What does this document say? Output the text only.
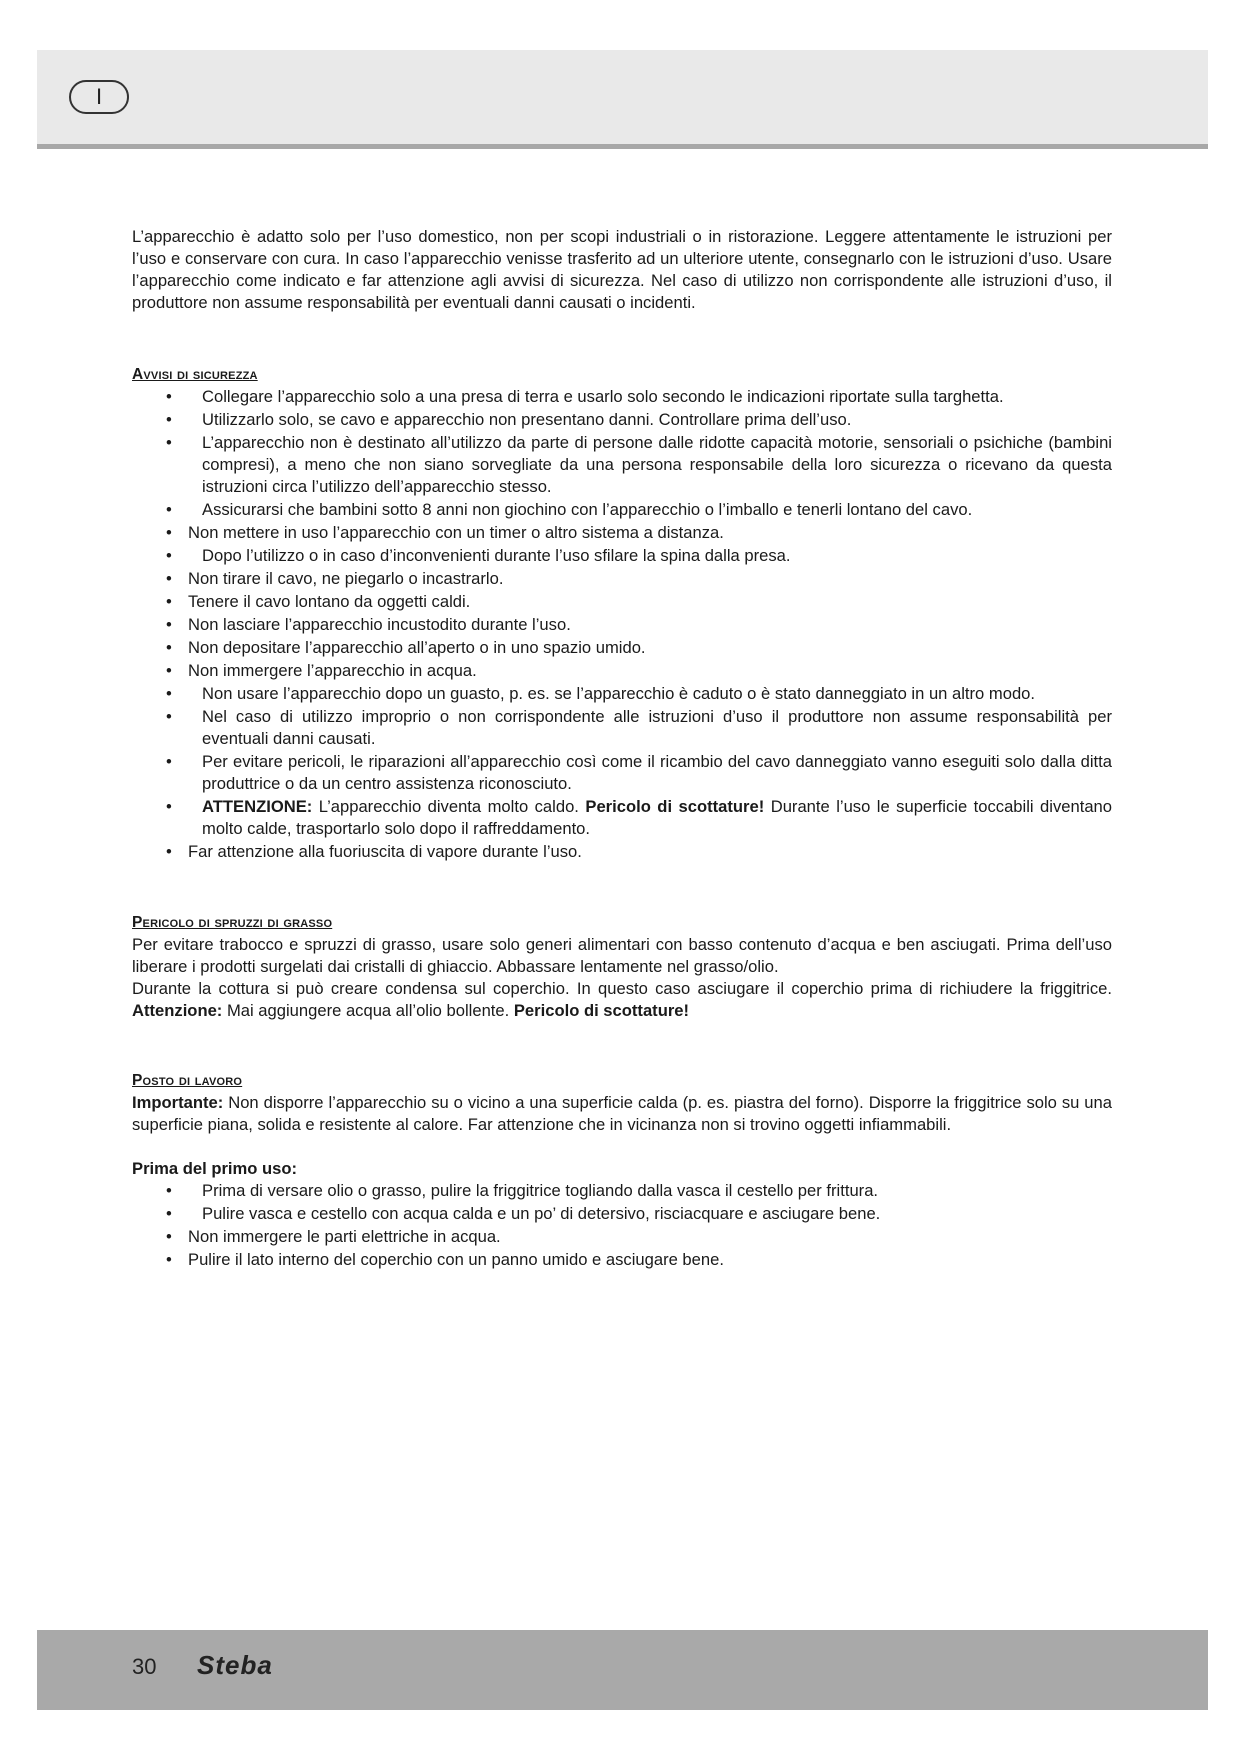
I

L’apparecchio è adatto solo per l’uso domestico, non per scopi industriali o in ristorazione. Leggere attentamente le istruzioni per l’uso e conservare con cura. In caso l’apparecchio venisse trasferito ad un ulteriore utente, consegnarlo con le istruzioni d’uso. Usare l’apparecchio come indicato e far attenzione agli avvisi di sicurezza. Nel caso di utilizzo non corrispondente alle istruzioni d’uso, il produttore non assume responsabilità per eventuali danni causati o incidenti.

Avvisi di sicurezza
• Collegare l’apparecchio solo a una presa di terra e usarlo solo secondo le indicazioni riportate sulla targhetta.
• Utilizzarlo solo, se cavo e apparecchio non presentano danni. Controllare prima dell’uso.
• L’apparecchio non è destinato all’utilizzo da parte di persone dalle ridotte capacità motorie, sensoriali o psichiche (bambini compresi), a meno che non siano sorvegliate da una persona responsabile della loro sicurezza o ricevano da questa istruzioni circa l’utilizzo dell’apparecchio stesso.
• Assicurarsi che bambini sotto 8 anni non giochino con l’apparecchio o l’imballo e tenerli lontano del cavo.
• Non mettere in uso l’apparecchio con un timer o altro sistema a distanza.
• Dopo l’utilizzo o in caso d’inconvenienti durante l’uso sfilare la spina dalla presa.
• Non tirare il cavo, ne piegarlo o incastrarlo.
• Tenere il cavo lontano da oggetti caldi.
• Non lasciare l’apparecchio incustodito durante l’uso.
• Non depositare l’apparecchio all’aperto o in uno spazio umido.
• Non immergere l’apparecchio in acqua.
• Non usare l’apparecchio dopo un guasto, p. es. se l’apparecchio è caduto o è stato danneggiato in un altro modo.
• Nel caso di utilizzo improprio o non corrispondente alle istruzioni d’uso il produttore non assume responsabilità per eventuali danni causati.
• Per evitare pericoli, le riparazioni all’apparecchio così come il ricambio del cavo danneggiato vanno eseguiti solo dalla ditta produttrice o da un centro assistenza riconosciuto.
• ATTENZIONE: L’apparecchio diventa molto caldo. Pericolo di scottature! Durante l’uso le superficie toccabili diventano molto calde, trasportarlo solo dopo il raffreddamento.
• Far attenzione alla fuoriuscita di vapore durante l’uso.
Pericolo di spruzzi di grasso

Per evitare trabocco e spruzzi di grasso, usare solo generi alimentari con basso contenuto d’acqua e ben asciugati. Prima dell’uso liberare i prodotti surgelati dai cristalli di ghiaccio. Abbassare lentamente nel grasso/olio.

Durante la cottura si può creare condensa sul coperchio. In questo caso asciugare il coperchio prima di richiudere la friggitrice. Attenzione: Mai aggiungere acqua all’olio bollente. Pericolo di scottature!

Posto di lavoro

Importante: Non disporre l’apparecchio su o vicino a una superficie calda (p. es. piastra del forno). Disporre la friggitrice solo su una superficie piana, solida e resistente al calore. Far attenzione che in vicinanza non si trovino oggetti infiammabili.

Prima del primo uso:
• Prima di versare olio o grasso, pulire la friggitrice togliando dalla vasca il cestello per frittura.
• Pulire vasca e cestello con acqua calda e un po’ di detersivo, risciacquare e asciugare bene.
• Non immergere le parti elettriche in acqua.
• Pulire il lato interno del coperchio con un panno umido e asciugare bene.
30 Steba
